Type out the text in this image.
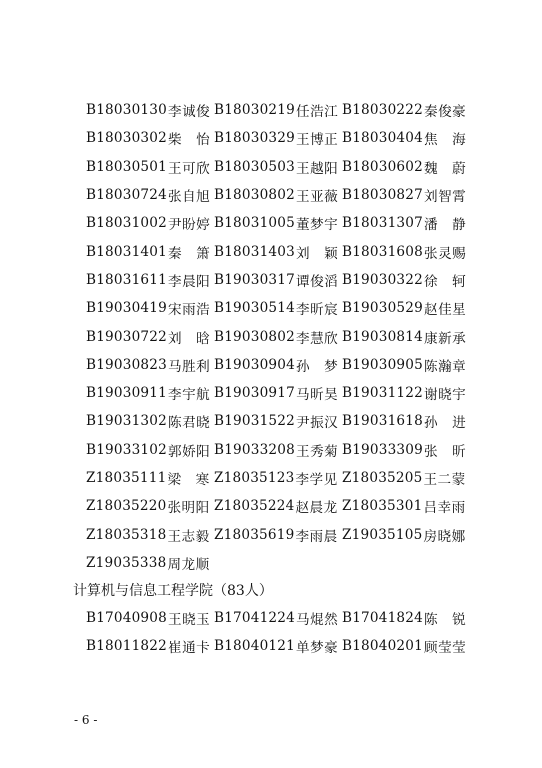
B18030130 李诚俊 B18030219 任浩江 B18030222 秦俊豪
B18030302 柴　怡 B18030329 王博正 B18030404 焦　海
B18030501 王可欣 B18030503 王越阳 B18030602 魏　蔚
B18030724 张自旭 B18030802 王亚薇 B18030827 刘智霄
B18031002 尹盼婷 B18031005 董梦宇 B18031307 潘　静
B18031401 秦　箫 B18031403 刘　颖 B18031608 张灵赐
B18031611 李晨阳 B19030317 谭俊滔 B19030322 徐　轲
B19030419 宋雨浩 B19030514 李昕宸 B19030529 赵佳星
B19030722 刘　晗 B19030802 李慧欣 B19030814 康新承
B19030823 马胜利 B19030904 孙　梦 B19030905 陈瀚章
B19030911 李宇航 B19030917 马昕昊 B19031122 谢晓宇
B19031302 陈君晓 B19031522 尹振汉 B19031618 孙　进
B19033102 郭娇阳 B19033208 王秀菊 B19033309 张　昕
Z18035111 梁　寒 Z18035123 李学见 Z18035205 王二蒙
Z18035220 张明阳 Z18035224 赵晨龙 Z18035301 吕幸雨
Z18035318 王志毅 Z18035619 李雨晨 Z19035105 房晓娜
Z19035338 周龙顺
计算机与信息工程学院（83人）
B17040908 王晓玉 B17041224 马焜然 B17041824 陈　锐
B18011822 崔通卡 B18040121 单梦豪 B18040201 顾莹莹
- 6 -
